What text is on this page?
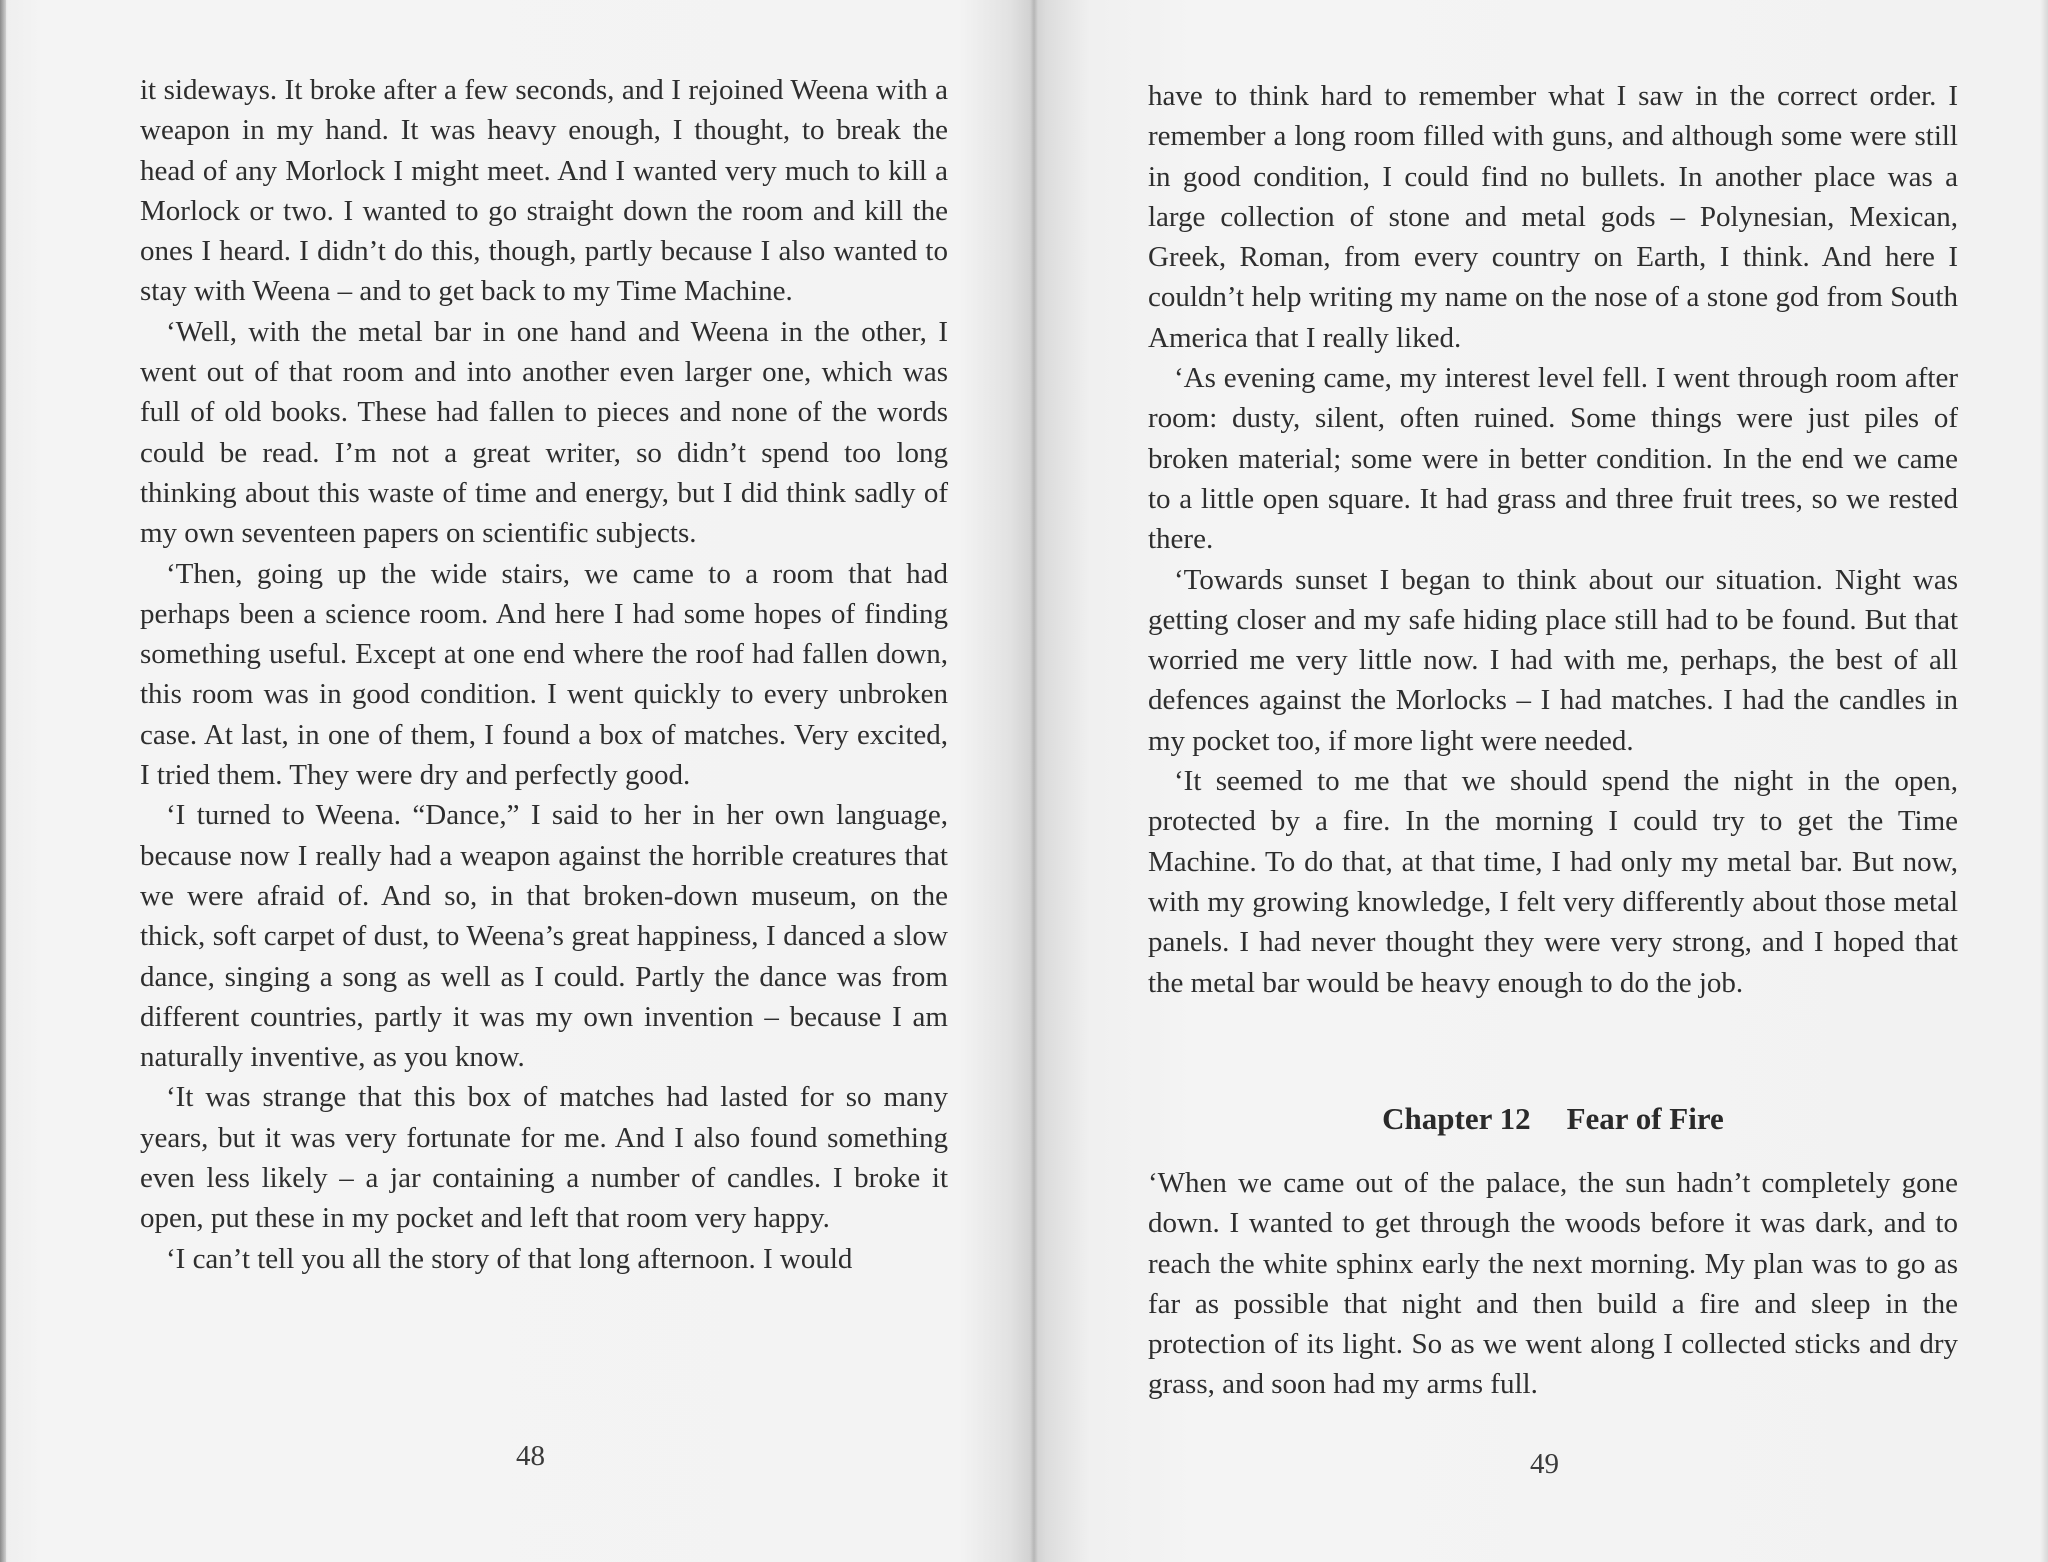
it sideways. It broke after a few seconds, and I rejoined Weena with a weapon in my hand. It was heavy enough, I thought, to break the head of any Morlock I might meet. And I wanted very much to kill a Morlock or two. I wanted to go straight down the room and kill the ones I heard. I didn’t do this, though, partly because I also wanted to stay with Weena – and to get back to my Time Machine.

‘Well, with the metal bar in one hand and Weena in the other, I went out of that room and into another even larger one, which was full of old books. These had fallen to pieces and none of the words could be read. I’m not a great writer, so didn’t spend too long thinking about this waste of time and energy, but I did think sadly of my own seventeen papers on scientific subjects.

‘Then, going up the wide stairs, we came to a room that had perhaps been a science room. And here I had some hopes of finding something useful. Except at one end where the roof had fallen down, this room was in good condition. I went quickly to every unbroken case. At last, in one of them, I found a box of matches. Very excited, I tried them. They were dry and perfectly good.

‘I turned to Weena. “Dance,” I said to her in her own language, because now I really had a weapon against the horrible creatures that we were afraid of. And so, in that broken-down museum, on the thick, soft carpet of dust, to Weena’s great happiness, I danced a slow dance, singing a song as well as I could. Partly the dance was from different countries, partly it was my own invention – because I am naturally inventive, as you know.

‘It was strange that this box of matches had lasted for so many years, but it was very fortunate for me. And I also found something even less likely – a jar containing a number of candles. I broke it open, put these in my pocket and left that room very happy.

‘I can’t tell you all the story of that long afternoon. I would

48

have to think hard to remember what I saw in the correct order. I remember a long room filled with guns, and although some were still in good condition, I could find no bullets. In another place was a large collection of stone and metal gods – Polynesian, Mexican, Greek, Roman, from every country on Earth, I think. And here I couldn’t help writing my name on the nose of a stone god from South America that I really liked.

‘As evening came, my interest level fell. I went through room after room: dusty, silent, often ruined. Some things were just piles of broken material; some were in better condition. In the end we came to a little open square. It had grass and three fruit trees, so we rested there.

‘Towards sunset I began to think about our situation. Night was getting closer and my safe hiding place still had to be found. But that worried me very little now. I had with me, perhaps, the best of all defences against the Morlocks – I had matches. I had the candles in my pocket too, if more light were needed.

‘It seemed to me that we should spend the night in the open, protected by a fire. In the morning I could try to get the Time Machine. To do that, at that time, I had only my metal bar. But now, with my growing knowledge, I felt very differently about those metal panels. I had never thought they were very strong, and I hoped that the metal bar would be heavy enough to do the job.

Chapter 12 Fear of Fire

‘When we came out of the palace, the sun hadn’t completely gone down. I wanted to get through the woods before it was dark, and to reach the white sphinx early the next morning. My plan was to go as far as possible that night and then build a fire and sleep in the protection of its light. So as we went along I collected sticks and dry grass, and soon had my arms full.

49
